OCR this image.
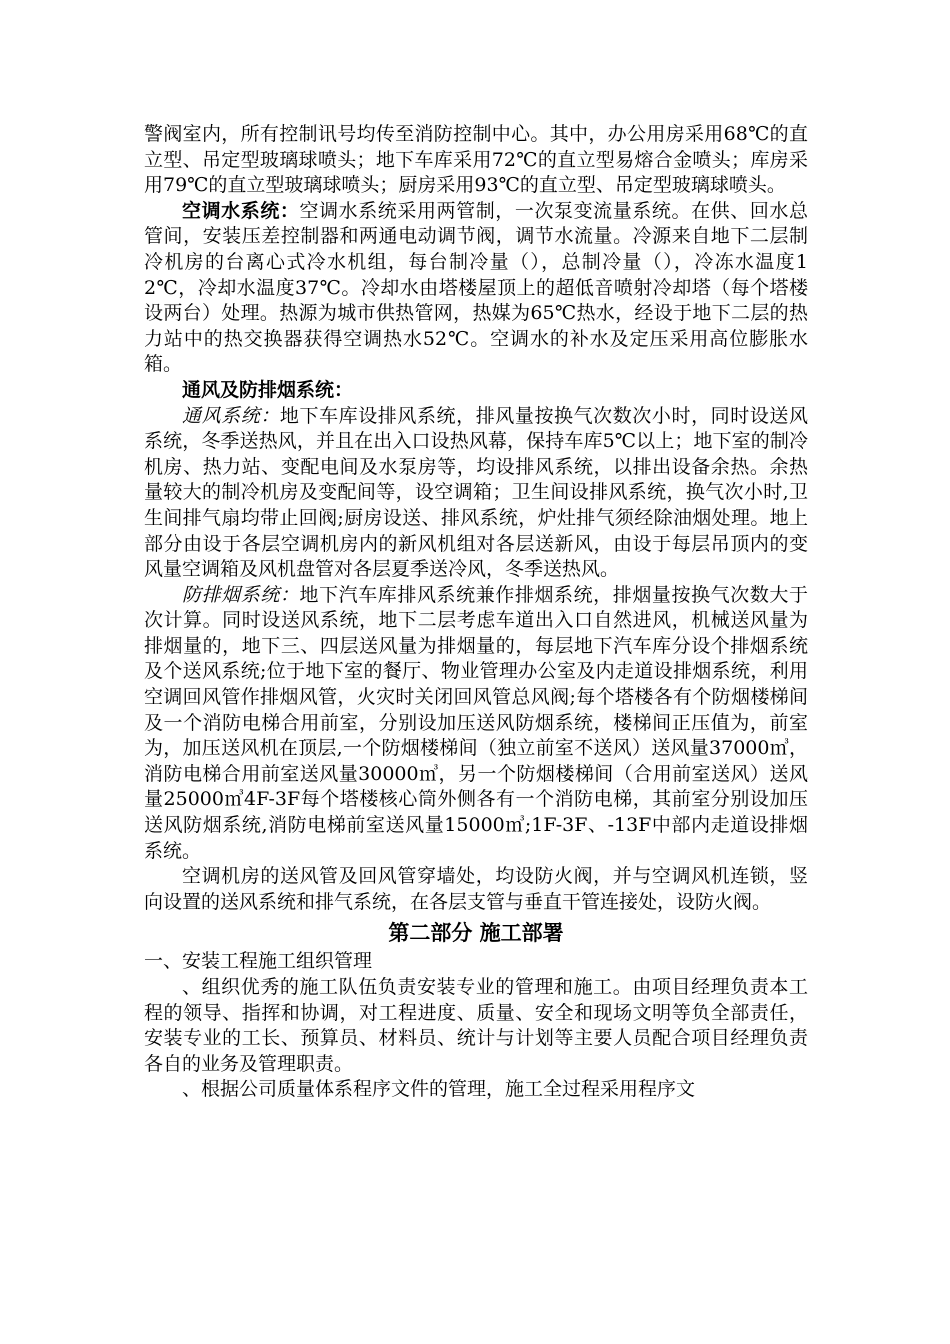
警阀室内，所有控制讯号均传至消防控制中心。其中，办公用房采用68℃的直立型、吊定型玻璃球喷头；地下车库采用72℃的直立型易熔合金喷头；库房采用79℃的直立型玻璃球喷头；厨房采用93℃的直立型、吊定型玻璃球喷头。

空调水系统：空调水系统采用两管制，一次泵变流量系统。在供、回水总管间，安装压差控制器和两通电动调节阀，调节水流量。冷源来自地下二层制冷机房的台离心式冷水机组，每台制冷量（），总制冷量（），冷冻水温度12℃，冷却水温度37℃。冷却水由塔楼屋顶上的超低音喷射冷却塔（每个塔楼设两台）处理。热源为城市供热管网，热媒为65℃热水，经设于地下二层的热力站中的热交换器获得空调热水52℃。空调水的补水及定压采用高位膨胀水箱。

通风及防排烟系统：

通风系统：地下车库设排风系统，排风量按换气次数次小时，同时设送风系统，冬季送热风，并且在出入口设热风幕，保持车库5℃以上；地下室的制冷机房、热力站、变配电间及水泵房等，均设排风系统，以排出设备余热。余热量较大的制冷机房及变配间等，设空调箱；卫生间设排风系统，换气次小时,卫生间排气扇均带止回阀;厨房设送、排风系统，炉灶排气须经除油烟处理。地上部分由设于各层空调机房内的新风机组对各层送新风，由设于每层吊顶内的变风量空调箱及风机盘管对各层夏季送冷风，冬季送热风。

防排烟系统：地下汽车库排风系统兼作排烟系统，排烟量按换气次数大于次计算。同时设送风系统，地下二层考虑车道出入口自然进风，机械送风量为排烟量的，地下三、四层送风量为排烟量的，每层地下汽车库分设个排烟系统及个送风系统;位于地下室的餐厅、物业管理办公室及内走道设排烟系统，利用空调回风管作排烟风管，火灾时关闭回风管总风阀;每个塔楼各有个防烟楼梯间及一个消防电梯合用前室，分别设加压送风防烟系统，楼梯间正压值为，前室为，加压送风机在顶层,一个防烟楼梯间（独立前室不送风）送风量37000㎥，消防电梯合用前室送风量30000㎥，另一个防烟楼梯间（合用前室送风）送风量25000㎥4F-3F每个塔楼核心筒外侧各有一个消防电梯，其前室分别设加压送风防烟系统,消防电梯前室送风量15000㎥;1F-3F、-13F中部内走道设排烟系统。

空调机房的送风管及回风管穿墙处，均设防火阀，并与空调风机连锁，竖向设置的送风系统和排气系统，在各层支管与垂直干管连接处，设防火阀。

第二部分 施工部署

一、安装工程施工组织管理

、组织优秀的施工队伍负责安装专业的管理和施工。由项目经理负责本工程的领导、指挥和协调，对工程进度、质量、安全和现场文明等负全部责任，安装专业的工长、预算员、材料员、统计与计划等主要人员配合项目经理负责各自的业务及管理职责。

、根据公司质量体系程序文件的管理，施工全过程采用程序文
